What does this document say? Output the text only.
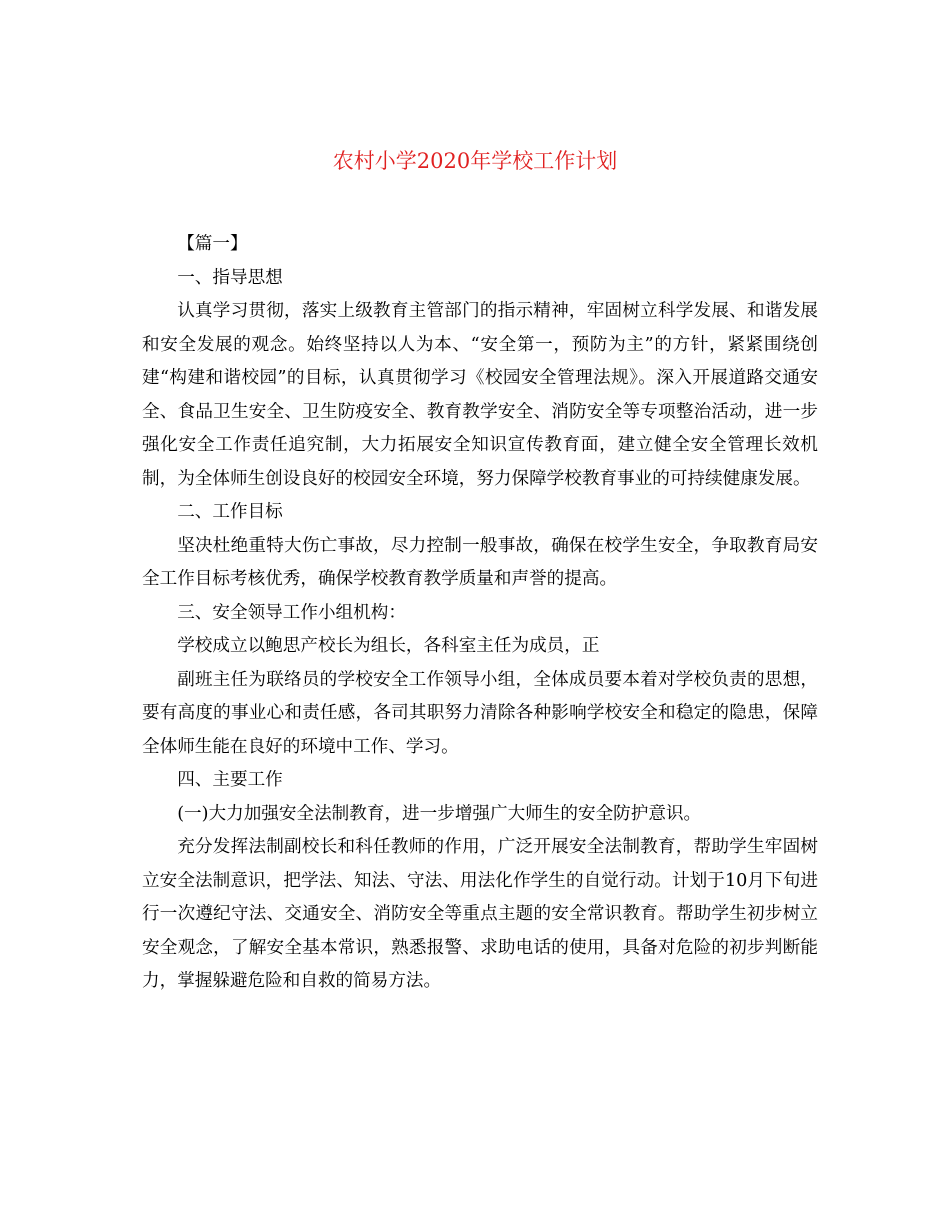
农村小学2020年学校工作计划

【篇一】

一、指导思想

认真学习贯彻，落实上级教育主管部门的指示精神，牢固树立科学发展、和谐发展和安全发展的观念。始终坚持以人为本、“安全第一，预防为主”的方针，紧紧围绕创建“构建和谐校园”的目标，认真贯彻学习《校园安全管理法规》。深入开展道路交通安全、食品卫生安全、卫生防疫安全、教育教学安全、消防安全等专项整治活动，进一步强化安全工作责任追究制，大力拓展安全知识宣传教育面，建立健全安全管理长效机制，为全体师生创设良好的校园安全环境，努力保障学校教育事业的可持续健康发展。

二、工作目标

坚决杜绝重特大伤亡事故，尽力控制一般事故，确保在校学生安全，争取教育局安全工作目标考核优秀，确保学校教育教学质量和声誉的提高。

三、安全领导工作小组机构：

学校成立以鲍思产校长为组长，各科室主任为成员，正

副班主任为联络员的学校安全工作领导小组，全体成员要本着对学校负责的思想，要有高度的事业心和责任感，各司其职努力清除各种影响学校安全和稳定的隐患，保障全体师生能在良好的环境中工作、学习。

四、主要工作

(一)大力加强安全法制教育，进一步增强广大师生的安全防护意识。

充分发挥法制副校长和科任教师的作用，广泛开展安全法制教育，帮助学生牢固树立安全法制意识，把学法、知法、守法、用法化作学生的自觉行动。计划于10月下旬进行一次遵纪守法、交通安全、消防安全等重点主题的安全常识教育。帮助学生初步树立安全观念，了解安全基本常识，熟悉报警、求助电话的使用，具备对危险的初步判断能力，掌握躲避危险和自救的简易方法。
